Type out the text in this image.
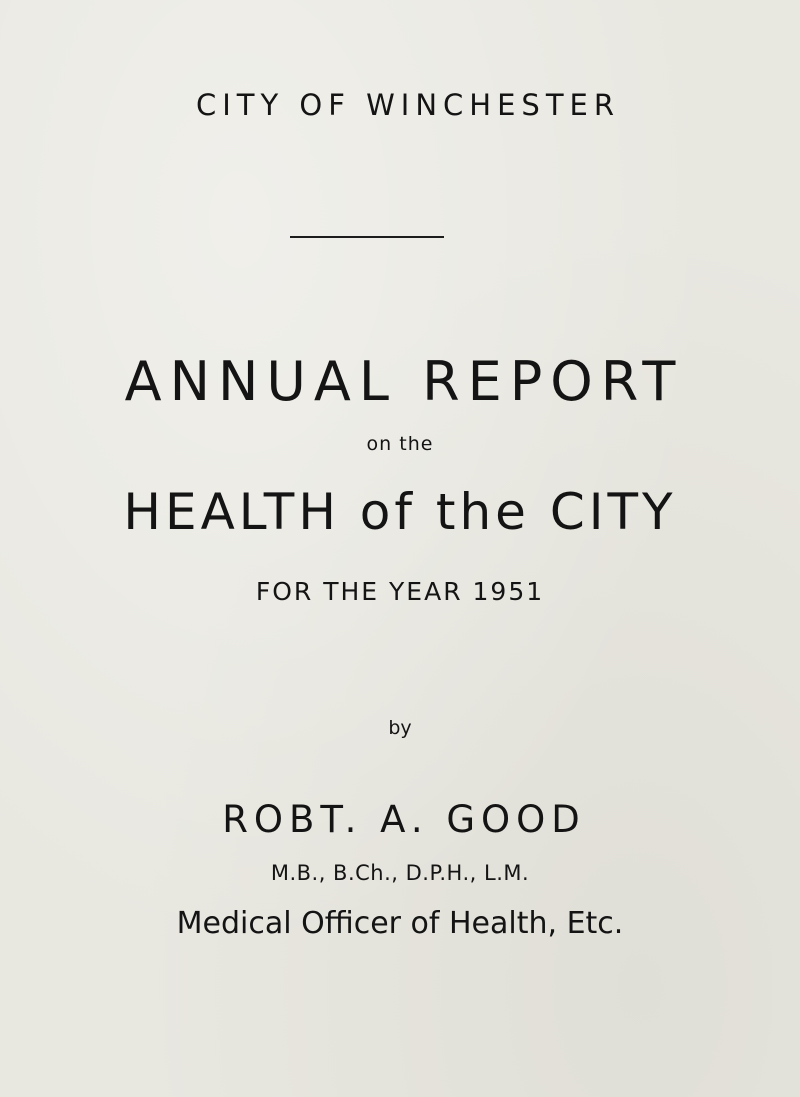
CITY OF WINCHESTER
ANNUAL REPORT
on the
HEALTH of the CITY
FOR THE YEAR 1951
by
ROBT. A. GOOD
M.B., B.Ch., D.P.H., L.M.
Medical Officer of Health, Etc.
